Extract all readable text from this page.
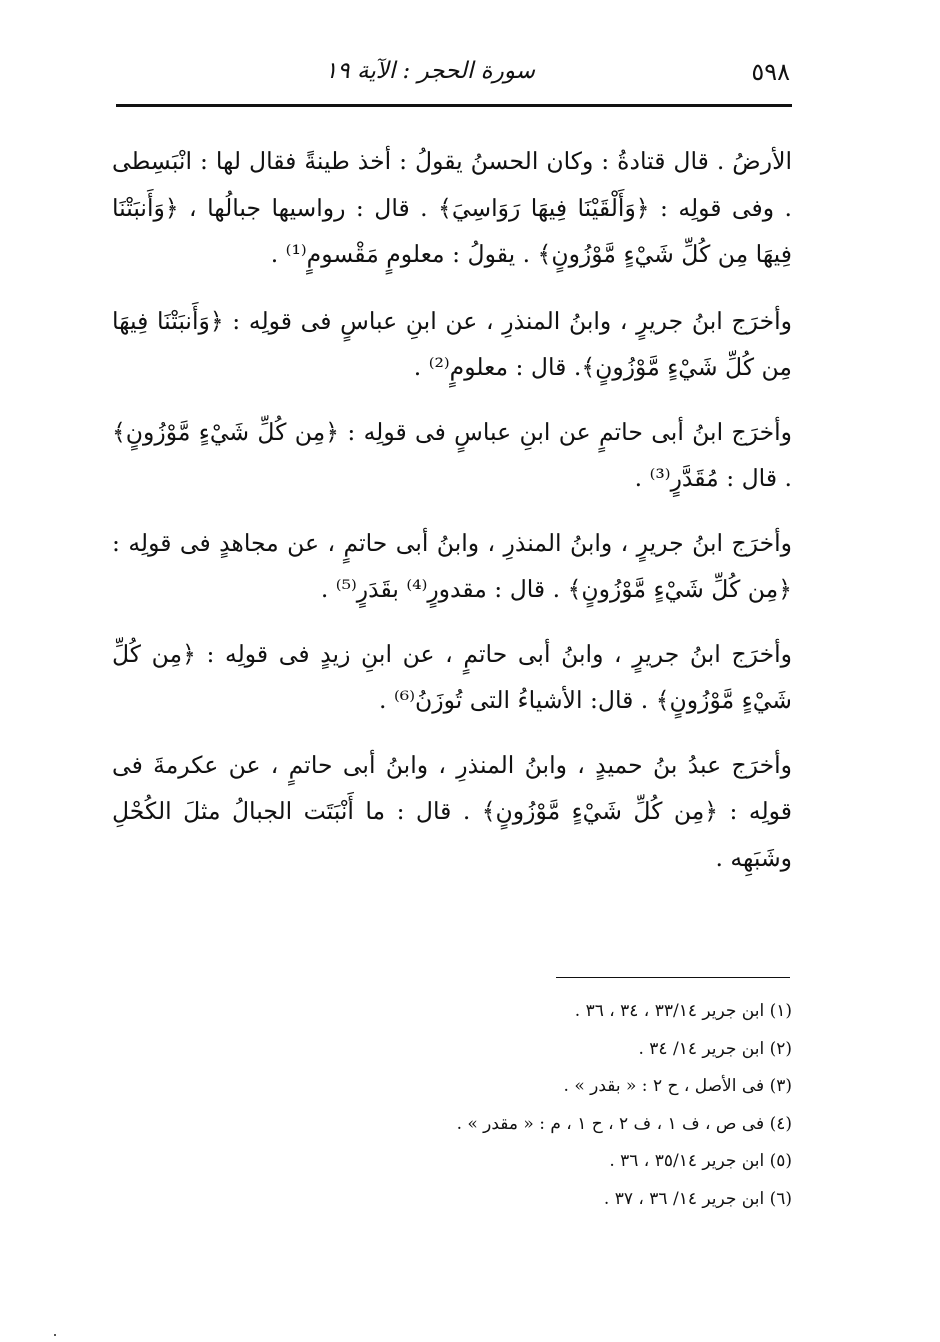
٥٩٨
سورة الحجر : الآية ١٩

الأرضُ . قال قتادةُ : وكان الحسنُ يقولُ : أخذ طينةً فقال لها : انْبَسِطى . وفى قولِه : ﴿وَأَلْقَيْنَا فِيهَا رَوَاسِيَ﴾ . قال : رواسيها جبالُها ، ﴿وَأَنبَتْنَا فِيهَا مِن كُلِّ شَيْءٍ مَّوْزُونٍ﴾ . يقولُ : معلومٍ مَقْسومٍ⁽¹⁾ .

وأخرَج ابنُ جريرٍ ، وابنُ المنذرِ ، عن ابنِ عباسٍ فى قولِه : ﴿وَأَنبَتْنَا فِيهَا مِن كُلِّ شَيْءٍ مَّوْزُونٍ﴾. قال : معلومٍ⁽²⁾ .

وأخرَج ابنُ أبى حاتمٍ عن ابنِ عباسٍ فى قولِه : ﴿مِن كُلِّ شَيْءٍ مَّوْزُونٍ﴾ . قال : مُقَدَّرٍ⁽³⁾ .

وأخرَج ابنُ جريرٍ ، وابنُ المنذرِ ، وابنُ أبى حاتمٍ ، عن مجاهدٍ فى قولِه : ﴿مِن كُلِّ شَيْءٍ مَّوْزُونٍ﴾ . قال : مقدورٍ⁽⁴⁾ بقَدَرٍ⁽⁵⁾ .

وأخرَج ابنُ جريرٍ ، وابنُ أبى حاتمٍ ، عن ابنِ زيدٍ فى قولِه : ﴿مِن كُلِّ شَيْءٍ مَّوْزُونٍ﴾ . قال: الأشياءُ التى تُوزَنُ⁽⁶⁾ .

وأخرَج عبدُ بنُ حميدٍ ، وابنُ المنذرِ ، وابنُ أبى حاتمٍ ، عن عكرمةَ فى قولِه : ﴿مِن كُلِّ شَيْءٍ مَّوْزُونٍ﴾ . قال : ما أَنْبَتَت الجبالُ مثلَ الكُحْلِ وشَبَهِه .

(١) ابن جرير ٣٣/١٤ ، ٣٤ ، ٣٦ .

(٢) ابن جرير ١٤/ ٣٤ .

(٣) فى الأصل ، ح ٢ : « بقدر » .

(٤) فى ص ، ف ١ ، ف ٢ ، ح ١ ، م : « مقدر » .

(٥) ابن جرير ٣٥/١٤ ، ٣٦ .

(٦) ابن جرير ١٤/ ٣٦ ، ٣٧ .
